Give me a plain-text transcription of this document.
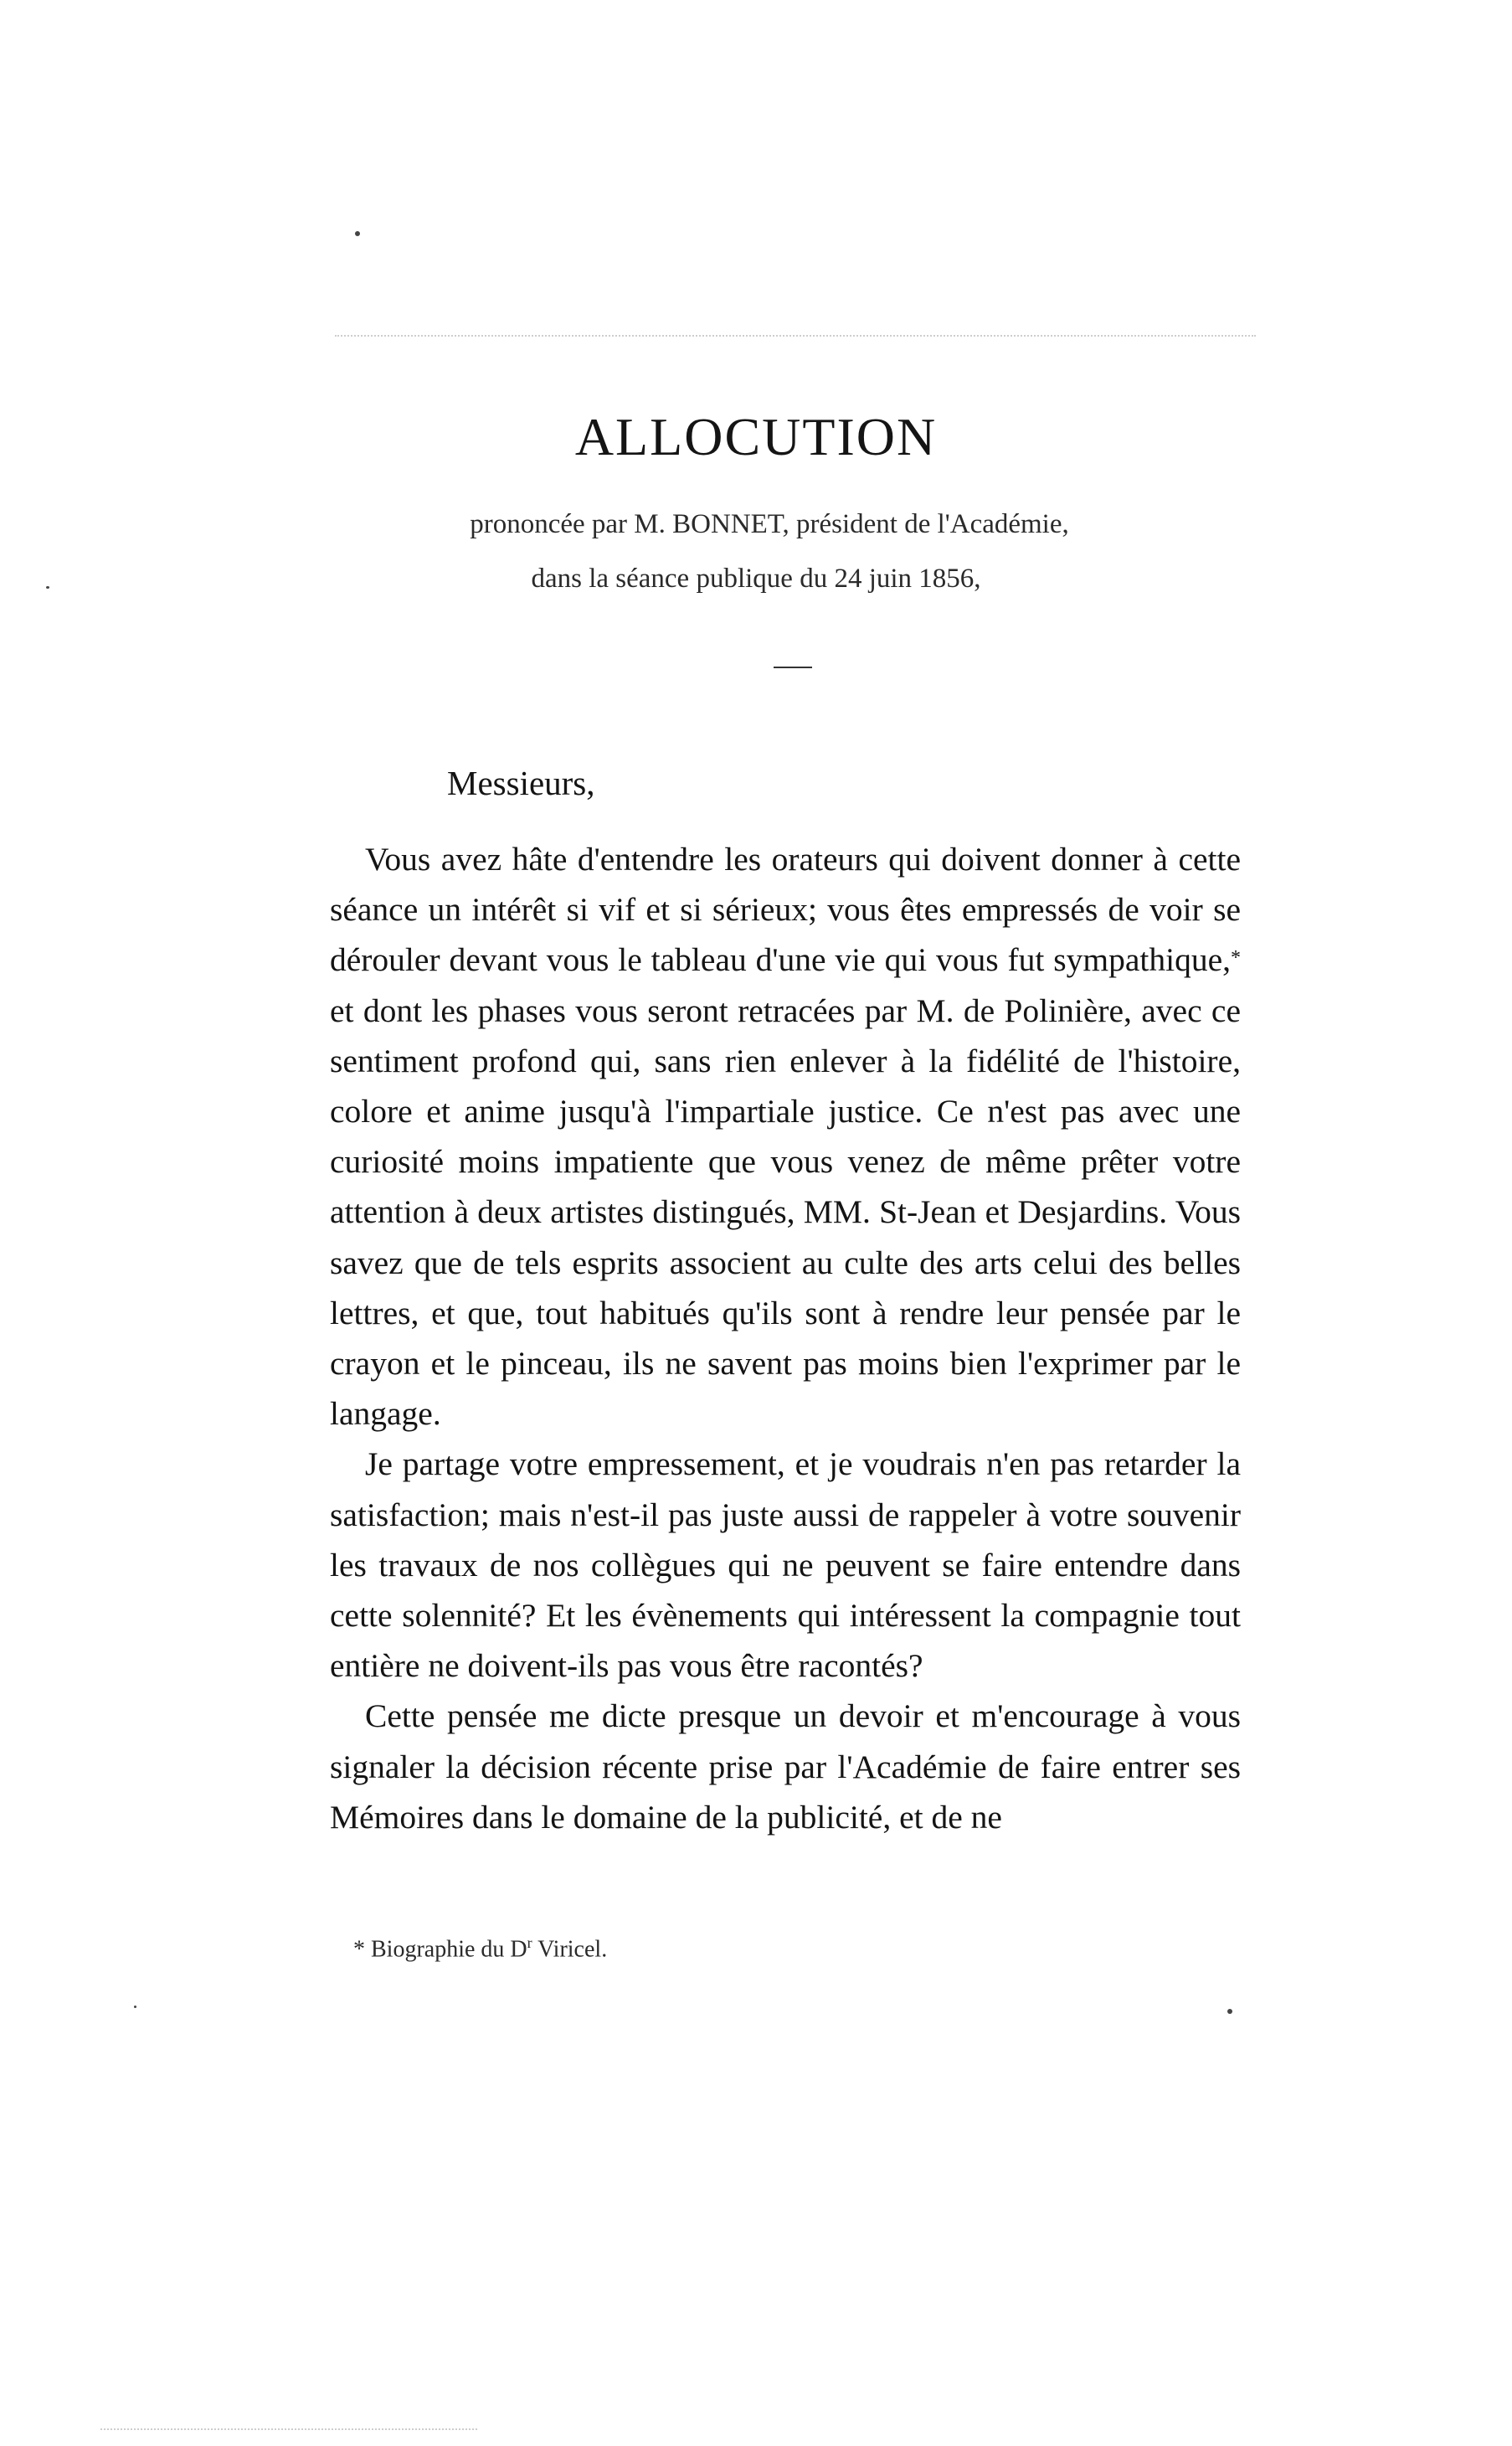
ALLOCUTION
prononcée par M. BONNET, président de l'Académie,
dans la séance publique du 24 juin 1856,
Messieurs,

Vous avez hâte d'entendre les orateurs qui doivent donner à cette séance un intérêt si vif et si sérieux; vous êtes empressés de voir se dérouler devant vous le tableau d'une vie qui vous fut sympathique,* et dont les phases vous seront retracées par M. de Polinière, avec ce sentiment profond qui, sans rien enlever à la fidélité de l'histoire, colore et anime jusqu'à l'impartiale justice. Ce n'est pas avec une curiosité moins impatiente que vous venez de même prêter votre attention à deux artistes distingués, MM. St-Jean et Desjardins. Vous savez que de tels esprits associent au culte des arts celui des belles lettres, et que, tout habitués qu'ils sont à rendre leur pensée par le crayon et le pinceau, ils ne savent pas moins bien l'exprimer par le langage.

Je partage votre empressement, et je voudrais n'en pas retarder la satisfaction; mais n'est-il pas juste aussi de rappeler à votre souvenir les travaux de nos collègues qui ne peuvent se faire entendre dans cette solennité? Et les évènements qui intéressent la compagnie tout entière ne doivent-ils pas vous être racontés?

Cette pensée me dicte presque un devoir et m'encourage à vous signaler la décision récente prise par l'Académie de faire entrer ses Mémoires dans le domaine de la publicité, et de ne

* Biographie du $D^r$ Viricel.
